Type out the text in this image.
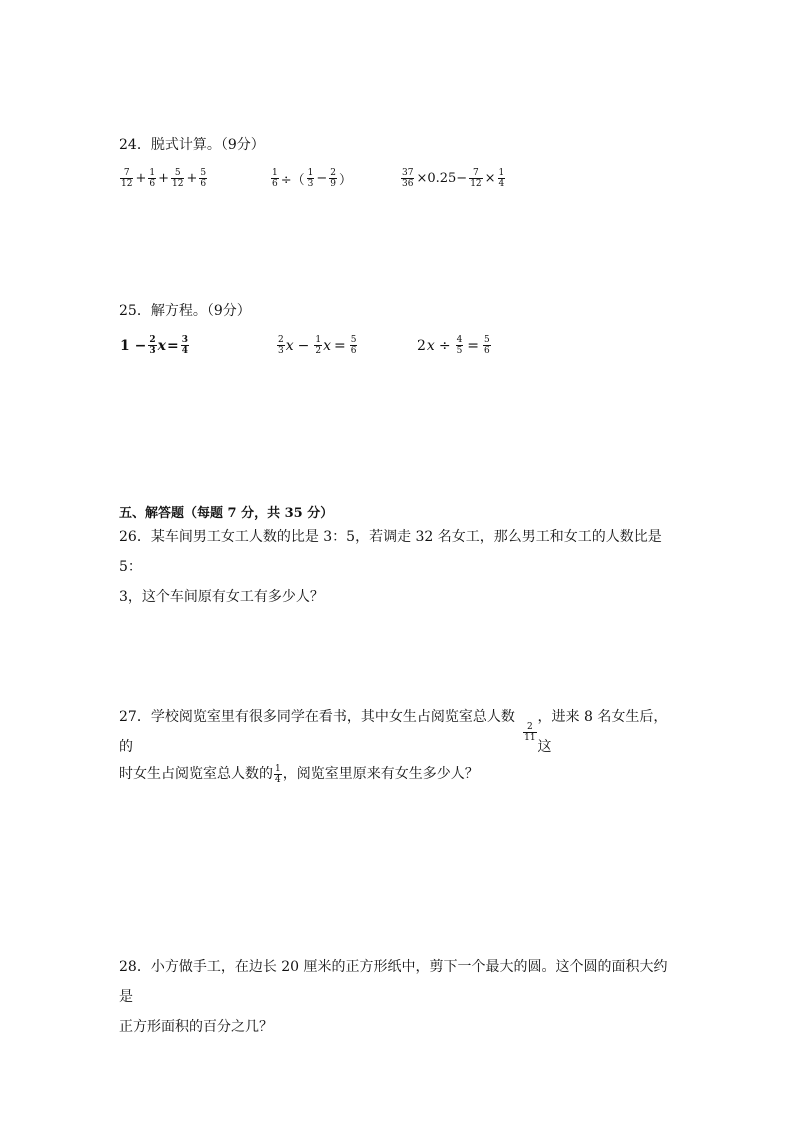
24．脱式计算。（9分）
$\frac{7}{12} + \frac{1}{6} + \frac{5}{12} + \frac{5}{6}$	$\frac{1}{6}$ ÷（ $\frac{1}{3} - \frac{2}{9}$ ）	$\frac{37}{36} \times 0.25- \frac{7}{12} \times \frac{1}{4}$
25．解方程。（9分）
$1 - \frac{2}{3}$ $x = \frac{3}{4}$	$\frac{2}{3}$ $x - \frac{1}{2}$ $x = \frac{5}{6}$	2 $x \div \frac{4}{5} = \frac{5}{6}$
五、解答题（每题 7 分，共 35 分）
26．某车间男工女工人数的比是 3：5，若调走 32 名女工，那么男工和女工的人数比是 5：
3，这个车间原有女工有多少人？
27．学校阅览室里有很多同学在看书，其中女生占阅览室总人数的
$\frac{2}{11}$
，进来 8 名女生后，这
时女生占阅览室总人数的 $\frac{1}{4}$ ，阅览室里原来有女生多少人？
28．小方做手工，在边长 20 厘米的正方形纸中，剪下一个最大的圆。这个圆的面积大约是
正方形面积的百分之几？
